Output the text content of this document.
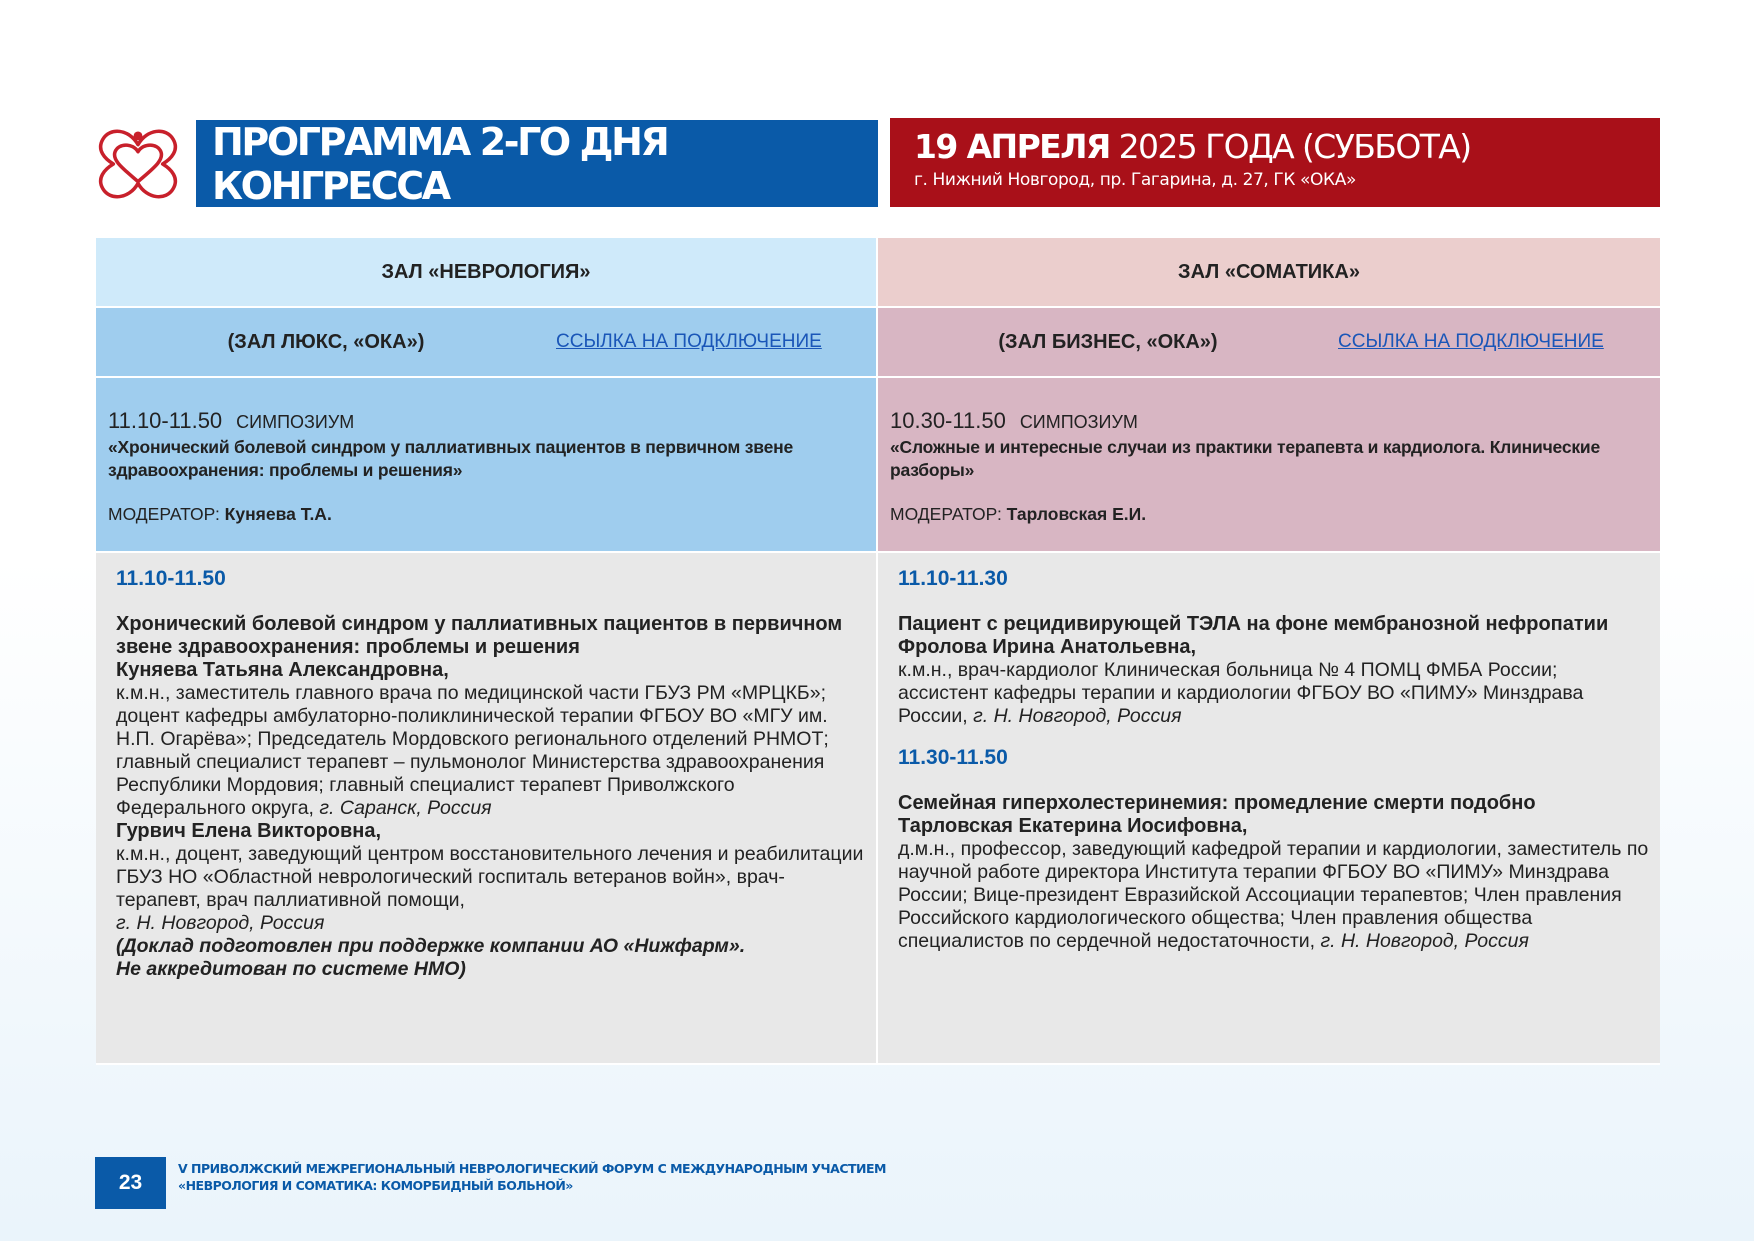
ПРОГРАММА 2-ГО ДНЯ КОНГРЕССА
19 АПРЕЛЯ 2025 ГОДА (СУББОТА)
г. Нижний Новгород, пр. Гагарина, д. 27, ГК «ОКА»
ЗАЛ «НЕВРОЛОГИЯ»	ЗАЛ «СОМАТИКА»
(ЗАЛ ЛЮКС, «ОКА»)	ССЫЛКА НА ПОДКЛЮЧЕНИЕ	(ЗАЛ БИЗНЕС, «ОКА»)	ССЫЛКА НА ПОДКЛЮЧЕНИЕ
11.10-11.50 СИМПОЗИУМ
«Хронический болевой синдром у паллиативных пациентов в первичном звене здравоохранения: проблемы и решения»
МОДЕРАТОР: Куняева Т.А.
10.30-11.50 СИМПОЗИУМ
«Сложные и интересные случаи из практики терапевта и кардиолога. Клинические разборы»
МОДЕРАТОР: Тарловская Е.И.
11.10-11.50
Хронический болевой синдром у паллиативных пациентов в первичном звене здравоохранения: проблемы и решения
Куняева Татьяна Александровна,
к.м.н., заместитель главного врача по медицинской части ГБУЗ РМ «МРЦКБ»; доцент кафедры амбулаторно-поликлинической терапии ФГБОУ ВО «МГУ им. Н.П. Огарёва»; Председатель Мордовского регионального отделений РНМОТ; главный специалист терапевт – пульмонолог Министерства здравоохранения Республики Мордовия; главный специалист терапевт Приволжского Федерального округа, г. Саранск, Россия
Гурвич Елена Викторовна,
к.м.н., доцент, заведующий центром восстановительного лечения и реабилитации ГБУЗ НО «Областной неврологический госпиталь ветеранов войн», врач-терапевт, врач паллиативной помощи,
г. Н. Новгород, Россия
(Доклад подготовлен при поддержке компании АО «Нижфарм».
Не аккредитован по системе НМО)
11.10-11.30
Пациент с рецидивирующей ТЭЛА на фоне мембранозной нефропатии
Фролова Ирина Анатольевна,
к.м.н., врач-кардиолог Клиническая больница № 4 ПОМЦ ФМБА России; ассистент кафедры терапии и кардиологии ФГБОУ ВО «ПИМУ» Минздрава России, г. Н. Новгород, Россия
11.30-11.50
Семейная гиперхолестеринемия: промедление смерти подобно
Тарловская Екатерина Иосифовна,
д.м.н., профессор, заведующий кафедрой терапии и кардиологии, заместитель по научной работе директора Института терапии ФГБОУ ВО «ПИМУ» Минздрава России; Вице-президент Евразийской Ассоциации терапевтов; Член правления Российского кардиологического общества; Член правления общества специалистов по сердечной недостаточности, г. Н. Новгород, Россия
23
V ПРИВОЛЖСКИЙ МЕЖРЕГИОНАЛЬНЫЙ НЕВРОЛОГИЧЕСКИЙ ФОРУМ С МЕЖДУНАРОДНЫМ УЧАСТИЕМ
«НЕВРОЛОГИЯ И СОМАТИКА: КОМОРБИДНЫЙ БОЛЬНОЙ»
